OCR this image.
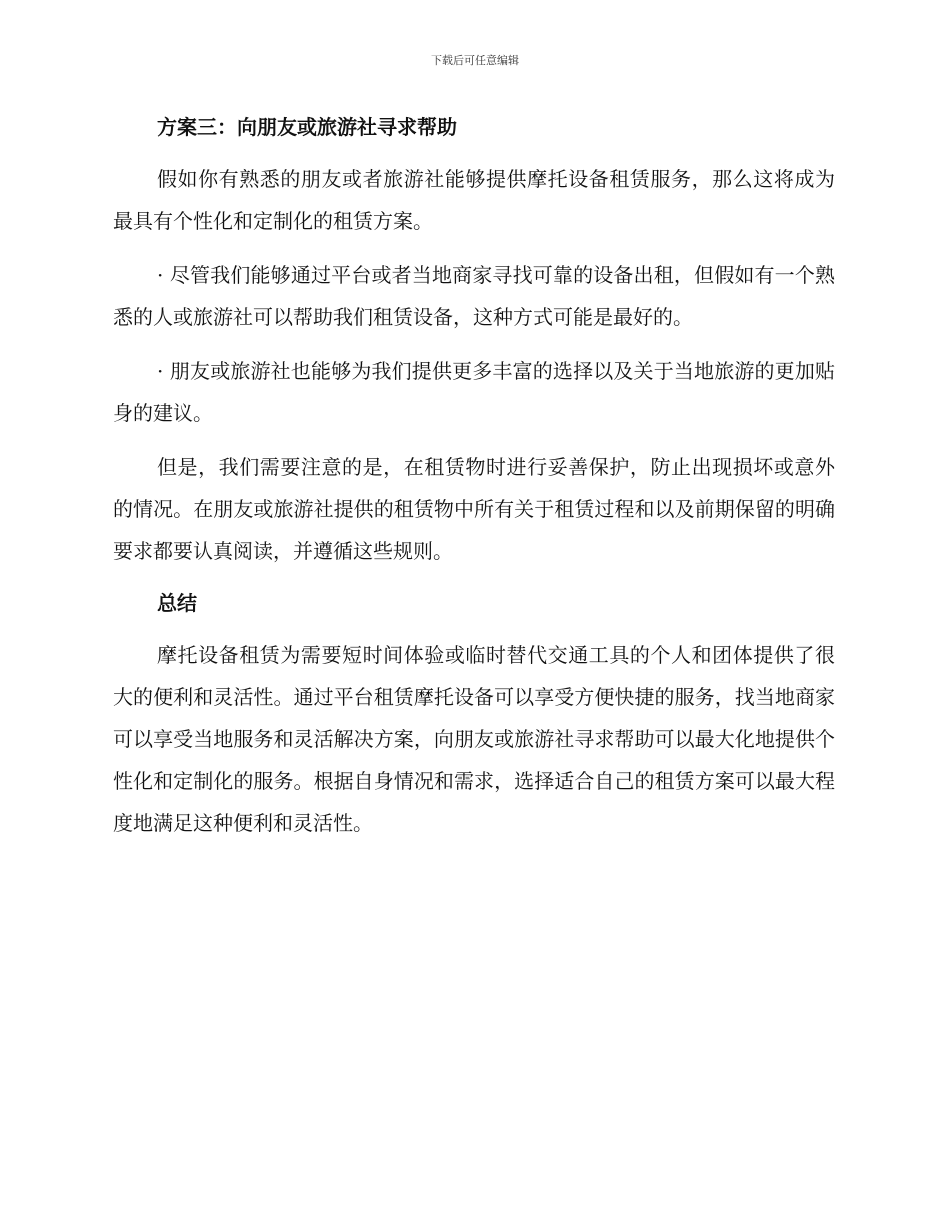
下载后可任意编辑
方案三：向朋友或旅游社寻求帮助

假如你有熟悉的朋友或者旅游社能够提供摩托设备租赁服务，那么这将成为最具有个性化和定制化的租赁方案。

· 尽管我们能够通过平台或者当地商家寻找可靠的设备出租，但假如有一个熟悉的人或旅游社可以帮助我们租赁设备，这种方式可能是最好的。

· 朋友或旅游社也能够为我们提供更多丰富的选择以及关于当地旅游的更加贴身的建议。

但是，我们需要注意的是，在租赁物时进行妥善保护，防止出现损坏或意外的情况。在朋友或旅游社提供的租赁物中所有关于租赁过程和以及前期保留的明确要求都要认真阅读，并遵循这些规则。

总结

摩托设备租赁为需要短时间体验或临时替代交通工具的个人和团体提供了很大的便利和灵活性。通过平台租赁摩托设备可以享受方便快捷的服务，找当地商家可以享受当地服务和灵活解决方案，向朋友或旅游社寻求帮助可以最大化地提供个性化和定制化的服务。根据自身情况和需求，选择适合自己的租赁方案可以最大程度地满足这种便利和灵活性。
